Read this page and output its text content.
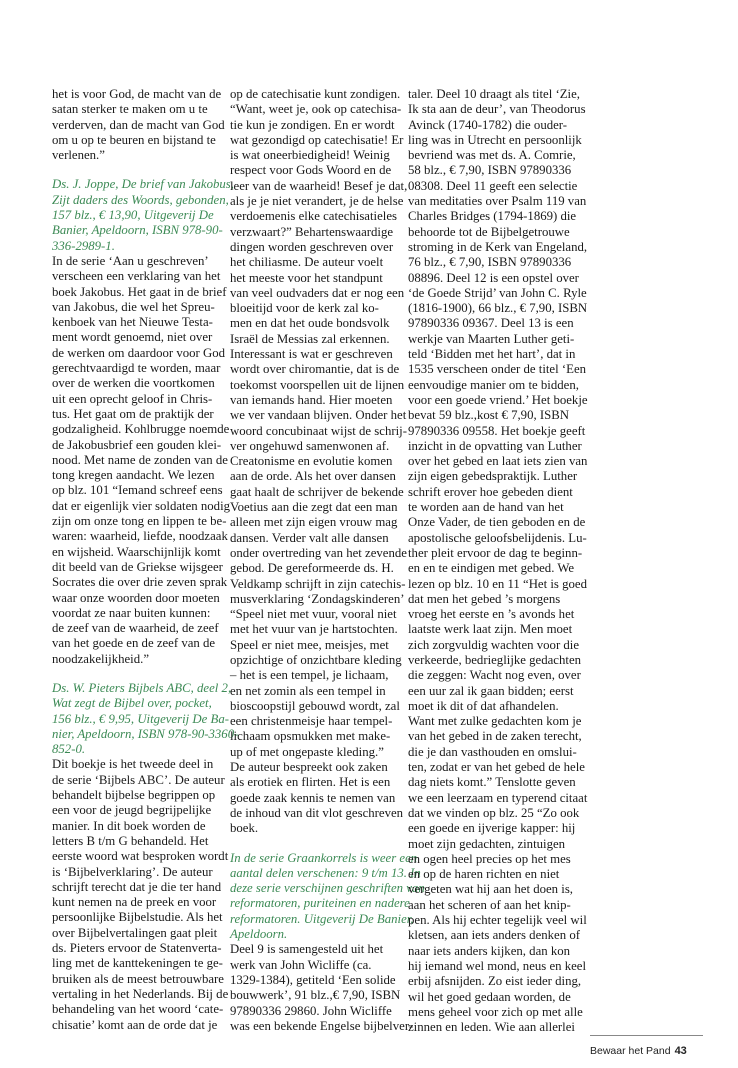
het is voor God, de macht van de
satan sterker te maken om u te
verderven, dan de macht van God
om u op te beuren en bijstand te
verlenen.”
Ds. J. Joppe, De brief van Jakobus,
Zijt daders des Woords, gebonden,
157 blz., € 13,90, Uitgeverij De
Banier, Apeldoorn, ISBN 978-90-
336-2989-1.
In de serie ‘Aan u geschreven’
verscheen een verklaring van het
boek Jakobus. Het gaat in de brief
van Jakobus, die wel het Spreu-
kenboek van het Nieuwe Testa-
ment wordt genoemd, niet over
de werken om daardoor voor God
gerechtvaardigd te worden, maar
over de werken die voortkomen
uit een oprecht geloof in Chris-
tus. Het gaat om de praktijk der
godzaligheid. Kohlbrugge noemde
de Jakobusbrief een gouden klei-
nood. Met name de zonden van de
tong kregen aandacht. We lezen
op blz. 101 “Iemand schreef eens
dat er eigenlijk vier soldaten nodig
zijn om onze tong en lippen te be-
waren: waarheid, liefde, noodzaak
en wijsheid. Waarschijnlijk komt
dit beeld van de Griekse wijsgeer
Socrates die over drie zeven sprak
waar onze woorden door moeten
voordat ze naar buiten kunnen:
de zeef van de waarheid, de zeef
van het goede en de zeef van de
noodzakelijkheid.”
Ds. W. Pieters Bijbels ABC, deel 2,
Wat zegt de Bijbel over, pocket,
156 blz., € 9,95, Uitgeverij De Ba-
nier, Apeldoorn, ISBN 978-90-3360-
852-0.
Dit boekje is het tweede deel in
de serie ‘Bijbels ABC’. De auteur
behandelt bijbelse begrippen op
een voor de jeugd begrijpelijke
manier. In dit boek worden de
letters B t/m G behandeld. Het
eerste woord wat besproken wordt
is ‘Bijbelverklaring’. De auteur
schrijft terecht dat je die ter hand
kunt nemen na de preek en voor
persoonlijke Bijbelstudie. Als het
over Bijbelvertalingen gaat pleit
ds. Pieters ervoor de Statenverta-
ling met de kanttekeningen te ge-
bruiken als de meest betrouwbare
vertaling in het Nederlands. Bij de
behandeling van het woord ‘cate-
chisatie’ komt aan de orde dat je
op de catechisatie kunt zondigen.
“Want, weet je, ook op catechisa-
tie kun je zondigen. En er wordt
wat gezondigd op catechisatie! Er
is wat oneerbiedigheid! Weinig
respect voor Gods Woord en de
leer van de waarheid! Besef je dat,
als je je niet verandert, je de helse
verdoemenis elke catechisatieles
verzwaart?” Behartenswaardige
dingen worden geschreven over
het chiliasme. De auteur voelt
het meeste voor het standpunt
van veel oudvaders dat er nog een
bloeitijd voor de kerk zal ko-
men en dat het oude bondsvolk
Israël de Messias zal erkennen.
Interessant is wat er geschreven
wordt over chiromantie, dat is de
toekomst voorspellen uit de lijnen
van iemands hand. Hier moeten
we ver vandaan blijven. Onder het
woord concubinaat wijst de schrij-
ver ongehuwd samenwonen af.
Creatonisme en evolutie komen
aan de orde. Als het over dansen
gaat haalt de schrijver de bekende
Voetius aan die zegt dat een man
alleen met zijn eigen vrouw mag
dansen. Verder valt alle dansen
onder overtreding van het zevende
gebod. De gereformeerde ds. H.
Veldkamp schrijft in zijn catechis-
musverklaring ‘Zondagskinderen’
“Speel niet met vuur, vooral niet
met het vuur van je hartstochten.
Speel er niet mee, meisjes, met
opzichtige of onzichtbare kleding
– het is een tempel, je lichaam,
en net zomin als een tempel in
bioscoopstijl gebouwd wordt, zal
een christenmeisje haar tempel-
lichaam opsmukken met make-
up of met ongepaste kleding.”
De auteur bespreekt ook zaken
als erotiek en flirten. Het is een
goede zaak kennis te nemen van
de inhoud van dit vlot geschreven
boek.
In de serie Graankorrels is weer een
aantal delen verschenen: 9 t/m 13. In
deze serie verschijnen geschriften van
reformatoren, puriteinen en nadere
reformatoren. Uitgeverij De Banier,
Apeldoorn.
Deel 9 is samengesteld uit het
werk van John Wicliffe (ca.
1329-1384), getiteld ‘Een solide
bouwwerk’, 91 blz.,€ 7,90, ISBN
97890336 29860. John Wicliffe
was een bekende Engelse bijbelver-
taler. Deel 10 draagt als titel ‘Zie,
Ik sta aan de deur’, van Theodorus
Avinck (1740-1782) die ouder-
ling was in Utrecht en persoonlijk
bevriend was met ds. A. Comrie,
58 blz., € 7,90, ISBN 97890336
08308. Deel 11 geeft een selectie
van meditaties over Psalm 119 van
Charles Bridges (1794-1869) die
behoorde tot de Bijbelgetrouwe
stroming in de Kerk van Engeland,
76 blz., € 7,90, ISBN 97890336
08896. Deel 12 is een opstel over
‘de Goede Strijd’ van John C. Ryle
(1816-1900), 66 blz., € 7,90, ISBN
97890336 09367. Deel 13 is een
werkje van Maarten Luther geti-
teld ‘Bidden met het hart’, dat in
1535 verscheen onder de titel ‘Een
eenvoudige manier om te bidden,
voor een goede vriend.’ Het boekje
bevat 59 blz.,kost € 7,90, ISBN
97890336 09558. Het boekje geeft
inzicht in de opvatting van Luther
over het gebed en laat iets zien van
zijn eigen gebedspraktijk. Luther
schrift erover hoe gebeden dient
te worden aan de hand van het
Onze Vader, de tien geboden en de
apostolische geloofsbelijdenis. Lu-
ther pleit ervoor de dag te beginn-
en en te eindigen met gebed. We
lezen op blz. 10 en 11 “Het is goed
dat men het gebed ’s morgens
vroeg het eerste en ’s avonds het
laatste werk laat zijn. Men moet
zich zorgvuldig wachten voor die
verkeerde, bedrieglijke gedachten
die zeggen: Wacht nog even, over
een uur zal ik gaan bidden; eerst
moet ik dit of dat afhandelen.
Want met zulke gedachten kom je
van het gebed in de zaken terecht,
die je dan vasthouden en omslui-
ten, zodat er van het gebed de hele
dag niets komt.” Tenslotte geven
we een leerzaam en typerend citaat
dat we vinden op blz. 25 “Zo ook
een goede en ijverige kapper: hij
moet zijn gedachten, zintuigen
en ogen heel precies op het mes
en op de haren richten en niet
vergeten wat hij aan het doen is,
aan het scheren of aan het knip-
pen. Als hij echter tegelijk veel wil
kletsen, aan iets anders denken of
naar iets anders kijken, dan kon
hij iemand wel mond, neus en keel
erbij afsnijden. Zo eist ieder ding,
wil het goed gedaan worden, de
mens geheel voor zich op met alle
zinnen en leden. Wie aan allerlei
Bewaar het Pand 43
